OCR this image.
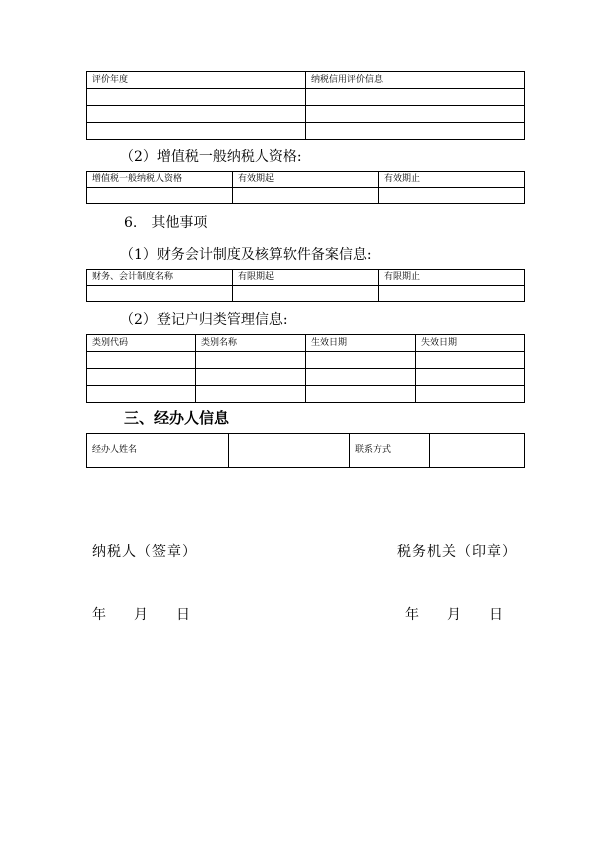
评价年度	纳税信用评价信息

（2）增值税一般纳税人资格:
增值税一般纳税人资格	有效期起	有效期止

6.　其他事项
（1）财务会计制度及核算软件备案信息:
财务、会计制度名称	有限期起	有限期止

（2）登记户归类管理信息:
类别代码	类别名称	生效日期	失效日期

三、经办人信息
经办人姓名		联系方式	
纳税人（签章）	税务机关（印章）
年 月 日	年 月 日
